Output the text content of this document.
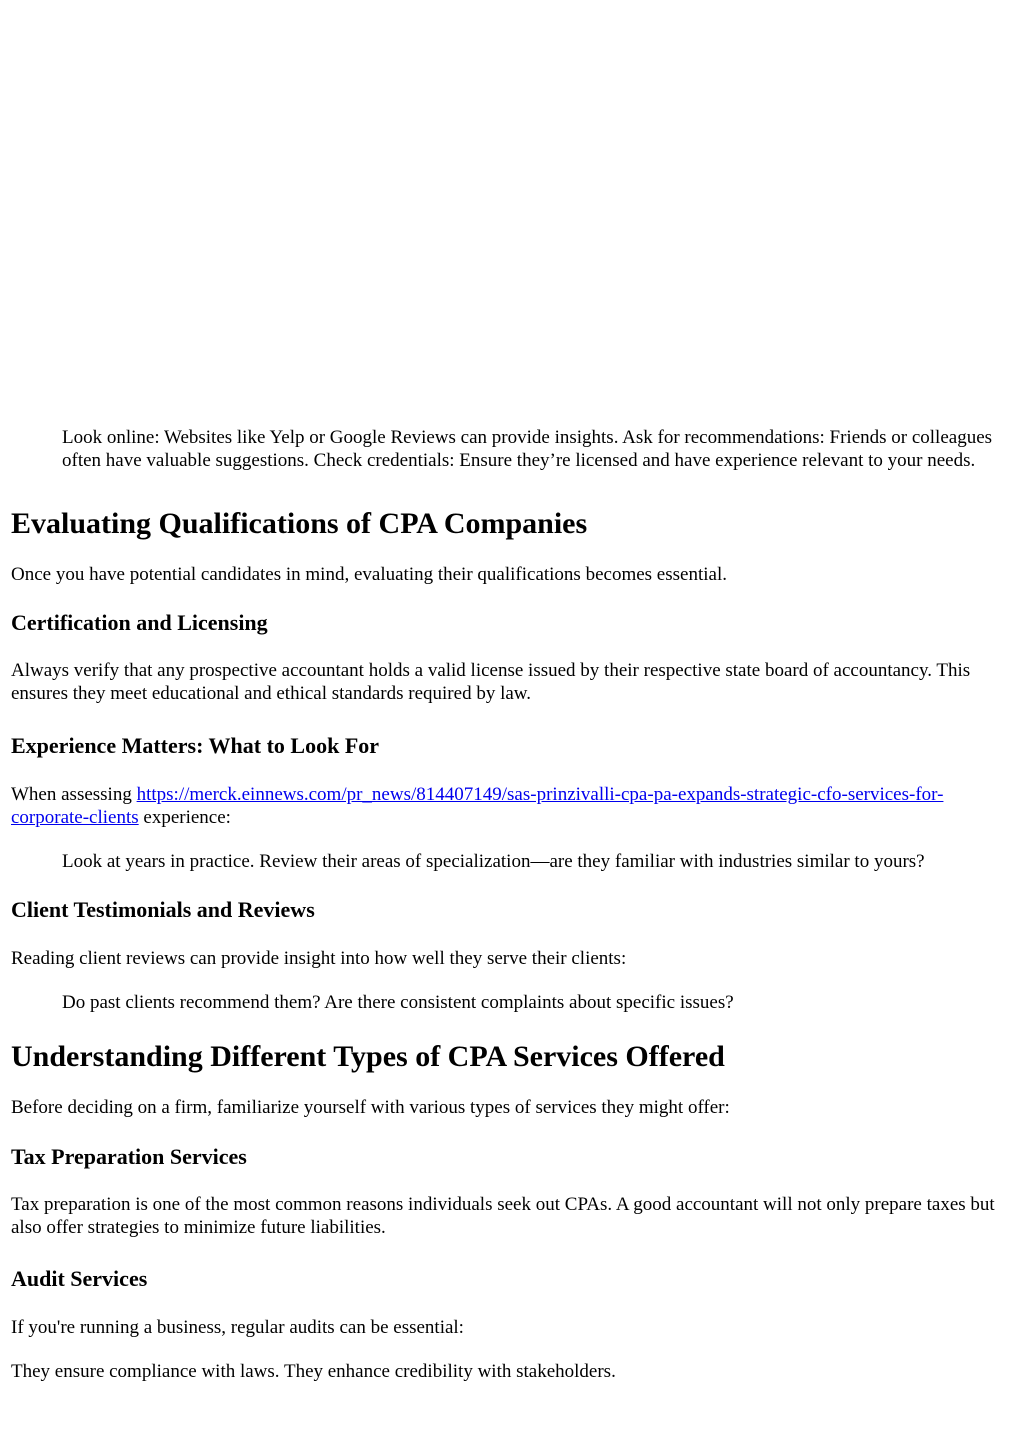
Look online: Websites like Yelp or Google Reviews can provide insights. Ask for recommendations: Friends or colleagues often have valuable suggestions. Check credentials: Ensure they’re licensed and have experience relevant to your needs.

Evaluating Qualifications of CPA Companies

Once you have potential candidates in mind, evaluating their qualifications becomes essential.

Certification and Licensing

Always verify that any prospective accountant holds a valid license issued by their respective state board of accountancy. This ensures they meet educational and ethical standards required by law.

Experience Matters: What to Look For

When assessing https://merck.einnews.com/pr_news/814407149/sas-prinzivalli-cpa-pa-expands-strategic-cfo-services-for-corporate-clients experience:

Look at years in practice. Review their areas of specialization—are they familiar with industries similar to yours?

Client Testimonials and Reviews

Reading client reviews can provide insight into how well they serve their clients:

Do past clients recommend them? Are there consistent complaints about specific issues?

Understanding Different Types of CPA Services Offered

Before deciding on a firm, familiarize yourself with various types of services they might offer:

Tax Preparation Services

Tax preparation is one of the most common reasons individuals seek out CPAs. A good accountant will not only prepare taxes but also offer strategies to minimize future liabilities.

Audit Services

If you're running a business, regular audits can be essential:

They ensure compliance with laws. They enhance credibility with stakeholders.
